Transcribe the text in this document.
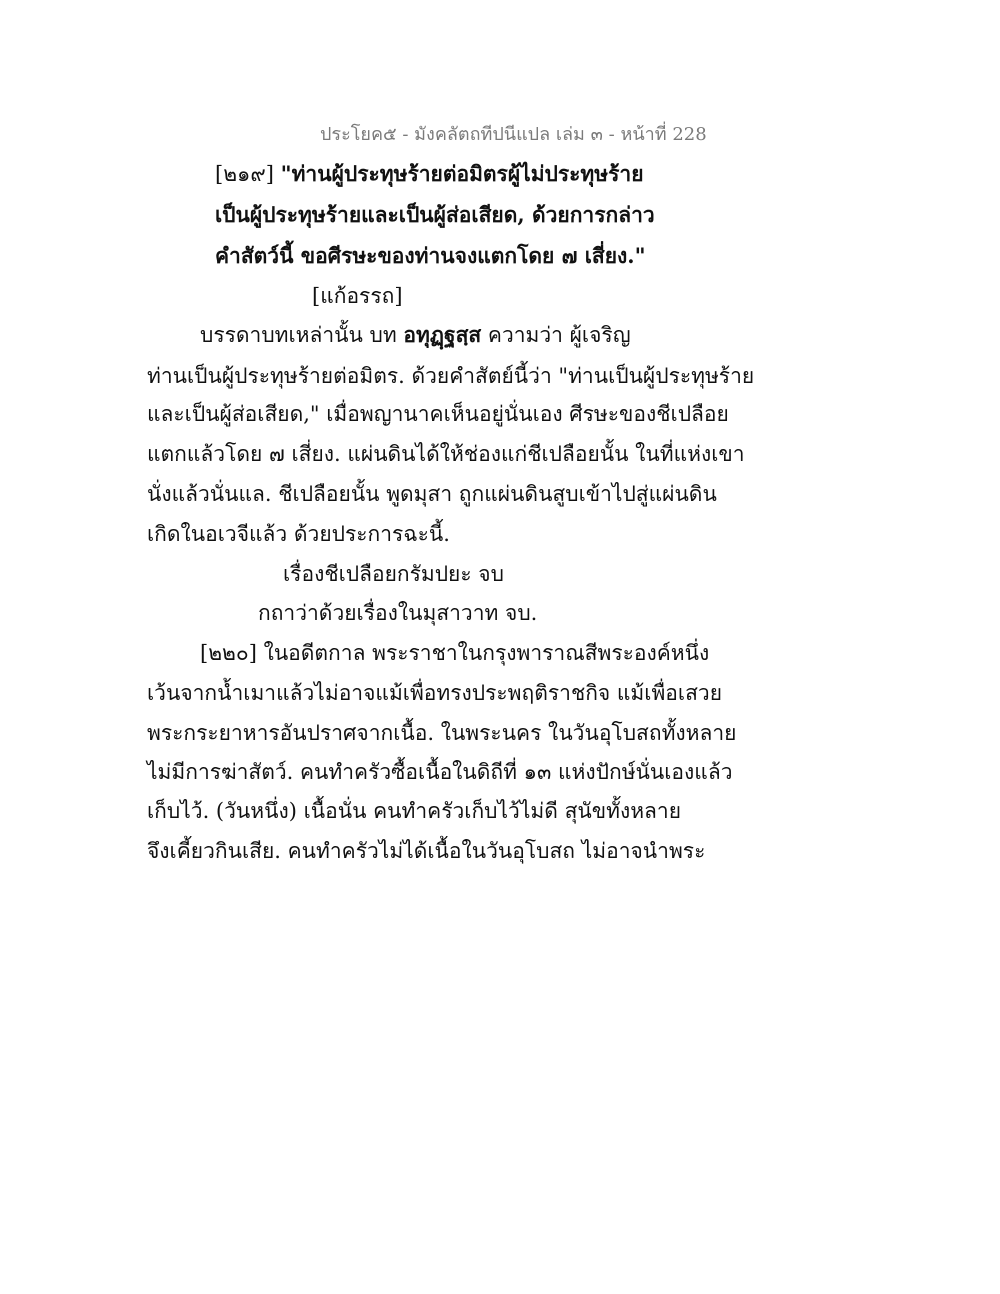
ประโยค๕ - มังคลัตถทีปนีแปล เล่ม ๓ - หน้าที่ 228
[๒๑๙] "ท่านผู้ประทุษร้ายต่อมิตรผู้ไม่ประทุษร้าย
เป็นผู้ประทุษร้ายและเป็นผู้ส่อเสียด, ด้วยการกล่าว
คำสัตว์นี้ ขอศีรษะของท่านจงแตกโดย ๗ เสี่ยง."
[แก้อรรถ]
บรรดาบทเหล่านั้น บท อทุฏฺฐสฺส ความว่า ผู้เจริญ
ท่านเป็นผู้ประทุษร้ายต่อมิตร. ด้วยคำสัตย์นี้ว่า "ท่านเป็นผู้ประทุษร้าย
และเป็นผู้ส่อเสียด," เมื่อพญานาคเห็นอยู่นั่นเอง ศีรษะของชีเปลือย
แตกแล้วโดย ๗ เสี่ยง. แผ่นดินได้ให้ช่องแก่ชีเปลือยนั้น ในที่แห่งเขา
นั่งแล้วนั่นแล. ชีเปลือยนั้น พูดมุสา ถูกแผ่นดินสูบเข้าไปสู่แผ่นดิน
เกิดในอเวจีแล้ว ด้วยประการฉะนี้.
เรื่องชีเปลือยกรัมปยะ จบ
กถาว่าด้วยเรื่องในมุสาวาท จบ.
[๒๒๐] ในอดีตกาล พระราชาในกรุงพาราณสีพระองค์หนึ่ง
เว้นจากน้ำเมาแล้วไม่อาจแม้เพื่อทรงประพฤติราชกิจ แม้เพื่อเสวย
พระกระยาหารอันปราศจากเนื้อ. ในพระนคร ในวันอุโบสถทั้งหลาย
ไม่มีการฆ่าสัตว์. คนทำครัวซื้อเนื้อในดิถีที่ ๑๓ แห่งปักษ์นั่นเองแล้ว
เก็บไว้. (วันหนึ่ง) เนื้อนั่น คนทำครัวเก็บไว้ไม่ดี สุนัขทั้งหลาย
จึงเคี้ยวกินเสีย. คนทำครัวไม่ได้เนื้อในวันอุโบสถ ไม่อาจนำพระ
